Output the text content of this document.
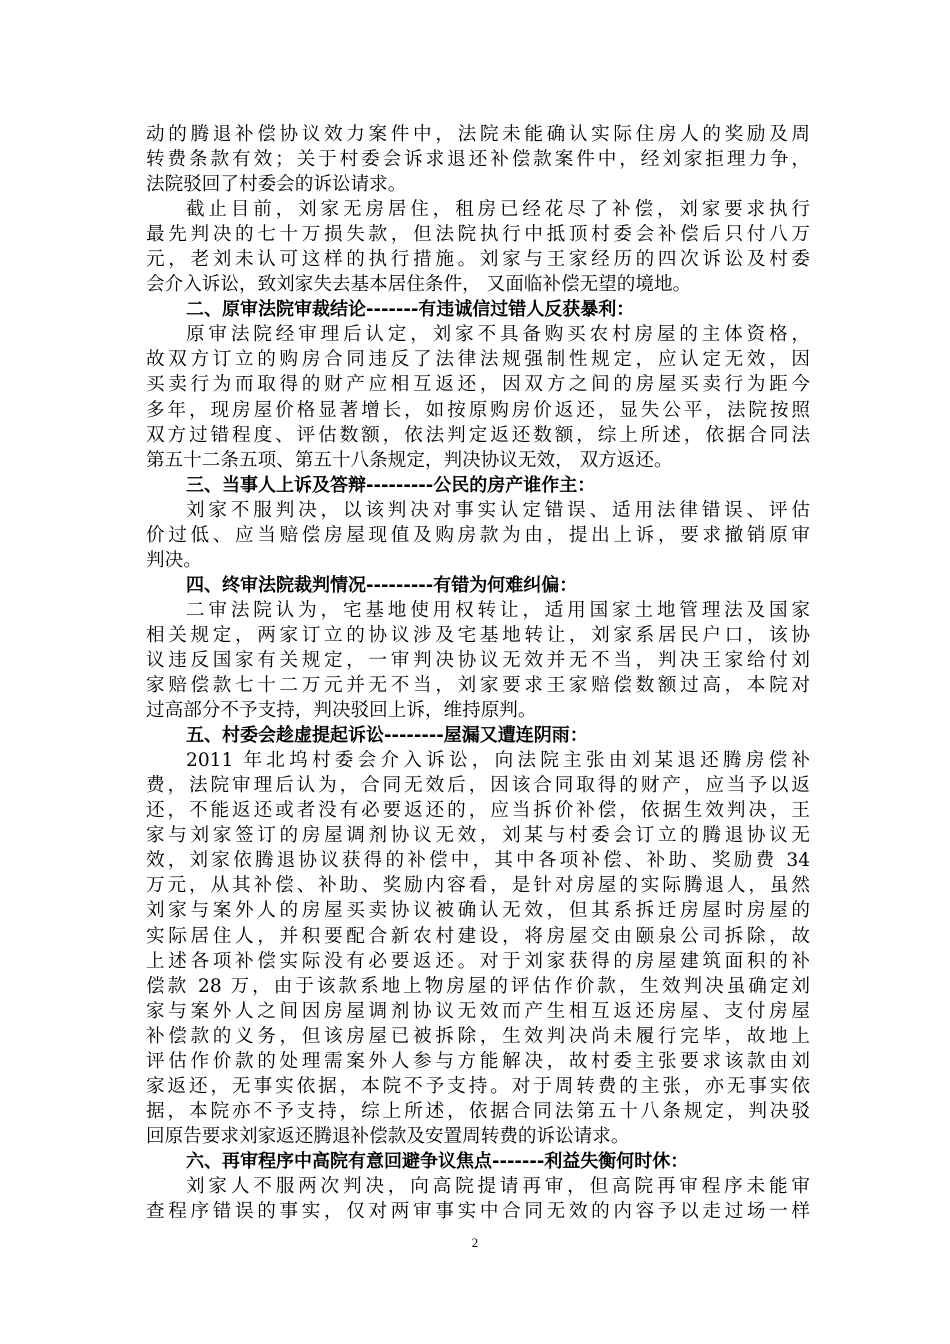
动的腾退补偿协议效力案件中，法院未能确认实际住房人的奖励及周
转费条款有效；关于村委会诉求退还补偿款案件中，经刘家拒理力争，
法院驳回了村委会的诉讼请求。
截止目前，刘家无房居住，租房已经花尽了补偿，刘家要求执行
最先判决的七十万损失款，但法院执行中抵顶村委会补偿后只付八万
元，老刘未认可这样的执行措施。刘家与王家经历的四次诉讼及村委
会介入诉讼，致刘家失去基本居住条件， 又面临补偿无望的境地。
二、原审法院审裁结论-------有违诚信过错人反获暴利：
原审法院经审理后认定，刘家不具备购买农村房屋的主体资格，
故双方订立的购房合同违反了法律法规强制性规定，应认定无效，因
买卖行为而取得的财产应相互返还，因双方之间的房屋买卖行为距今
多年，现房屋价格显著增长，如按原购房价返还，显失公平，法院按照
双方过错程度、评估数额，依法判定返还数额，综上所述，依据合同法
第五十二条五项、第五十八条规定，判决协议无效， 双方返还。
三、当事人上诉及答辩---------公民的房产谁作主：
刘家不服判决，以该判决对事实认定错误、适用法律错误、评估
价过低、应当赔偿房屋现值及购房款为由，提出上诉，要求撤销原审
判决。
四、终审法院裁判情况---------有错为何难纠偏：
二审法院认为，宅基地使用权转让，适用国家土地管理法及国家
相关规定，两家订立的协议涉及宅基地转让，刘家系居民户口，该协
议违反国家有关规定，一审判决协议无效并无不当，判决王家给付刘
家赔偿款七十二万元并无不当，刘家要求王家赔偿数额过高，本院对
过高部分不予支持，判决驳回上诉，维持原判。
五、村委会趁虚提起诉讼--------屋漏又遭连阴雨：
2011 年北坞村委会介入诉讼，向法院主张由刘某退还腾房偿补
费，法院审理后认为，合同无效后，因该合同取得的财产，应当予以返
还，不能返还或者没有必要返还的，应当拆价补偿，依据生效判决，王
家与刘家签订的房屋调剂协议无效，刘某与村委会订立的腾退协议无
效，刘家依腾退协议获得的补偿中，其中各项补偿、补助、奖励费 34
万元，从其补偿、补助、奖励内容看，是针对房屋的实际腾退人，虽然
刘家与案外人的房屋买卖协议被确认无效，但其系拆迁房屋时房屋的
实际居住人，并积要配合新农村建设，将房屋交由颐泉公司拆除，故
上述各项补偿实际没有必要返还。对于刘家获得的房屋建筑面积的补
偿款 28 万，由于该款系地上物房屋的评估作价款，生效判决虽确定刘
家与案外人之间因房屋调剂协议无效而产生相互返还房屋、支付房屋
补偿款的义务，但该房屋已被拆除，生效判决尚未履行完毕，故地上
评估作价款的处理需案外人参与方能解决，故村委主张要求该款由刘
家返还，无事实依据，本院不予支持。对于周转费的主张，亦无事实依
据，本院亦不予支持，综上所述，依据合同法第五十八条规定，判决驳
回原告要求刘家返还腾退补偿款及安置周转费的诉讼请求。
六、再审程序中高院有意回避争议焦点-------利益失衡何时休：
刘家人不服两次判决，向高院提请再审，但高院再审程序未能审
查程序错误的事实，仅对两审事实中合同无效的内容予以走过场一样
2
